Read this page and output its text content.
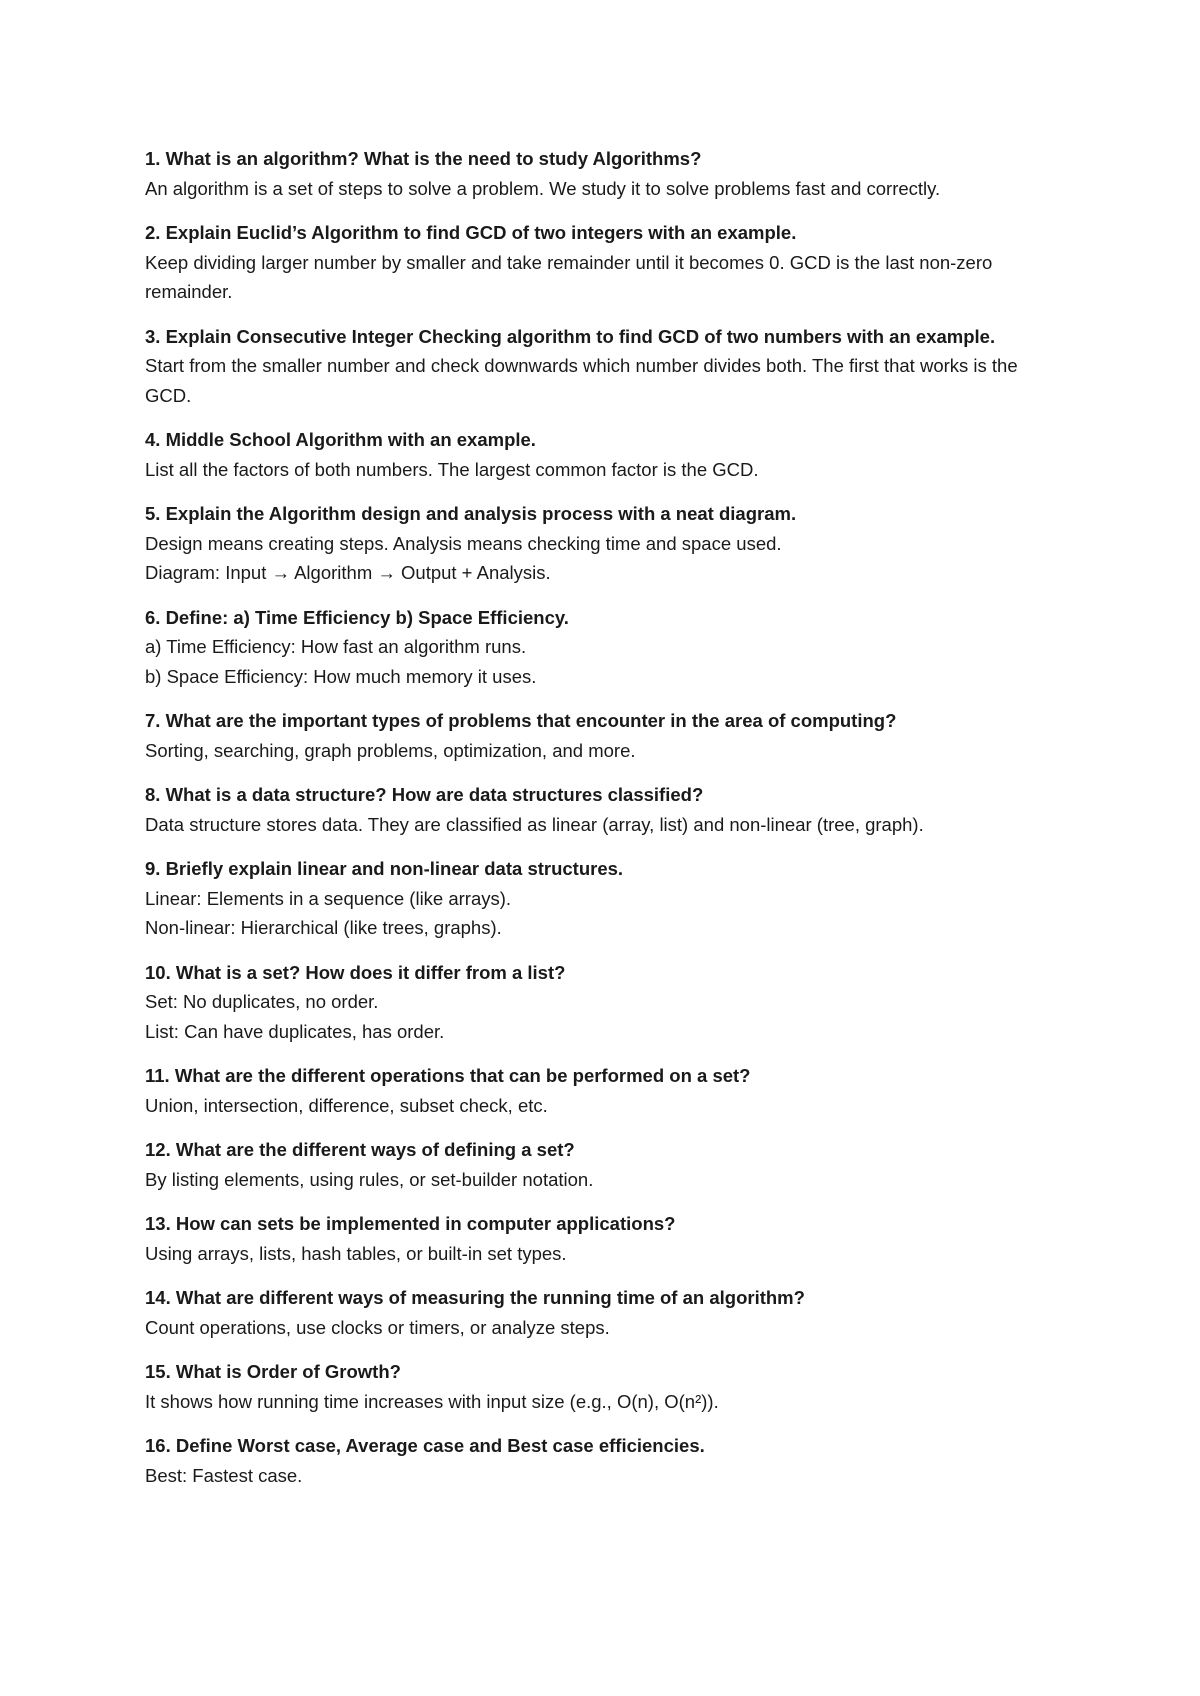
1. What is an algorithm? What is the need to study Algorithms?

An algorithm is a set of steps to solve a problem. We study it to solve problems fast and correctly.

2. Explain Euclid’s Algorithm to find GCD of two integers with an example.

Keep dividing larger number by smaller and take remainder until it becomes 0. GCD is the last non-zero remainder.

3. Explain Consecutive Integer Checking algorithm to find GCD of two numbers with an example.

Start from the smaller number and check downwards which number divides both. The first that works is the GCD.

4. Middle School Algorithm with an example.

List all the factors of both numbers. The largest common factor is the GCD.

5. Explain the Algorithm design and analysis process with a neat diagram.

Design means creating steps. Analysis means checking time and space used.

Diagram: Input → Algorithm → Output + Analysis.

6. Define: a) Time Efficiency b) Space Efficiency.

a) Time Efficiency: How fast an algorithm runs.

b) Space Efficiency: How much memory it uses.

7. What are the important types of problems that encounter in the area of computing?

Sorting, searching, graph problems, optimization, and more.

8. What is a data structure? How are data structures classified?

Data structure stores data. They are classified as linear (array, list) and non-linear (tree, graph).

9. Briefly explain linear and non-linear data structures.

Linear: Elements in a sequence (like arrays).

Non-linear: Hierarchical (like trees, graphs).

10. What is a set? How does it differ from a list?

Set: No duplicates, no order.

List: Can have duplicates, has order.

11. What are the different operations that can be performed on a set?

Union, intersection, difference, subset check, etc.

12. What are the different ways of defining a set?

By listing elements, using rules, or set-builder notation.

13. How can sets be implemented in computer applications?

Using arrays, lists, hash tables, or built-in set types.

14. What are different ways of measuring the running time of an algorithm?

Count operations, use clocks or timers, or analyze steps.

15. What is Order of Growth?

It shows how running time increases with input size (e.g., O(n), O(n²)).

16. Define Worst case, Average case and Best case efficiencies.

Best: Fastest case.
